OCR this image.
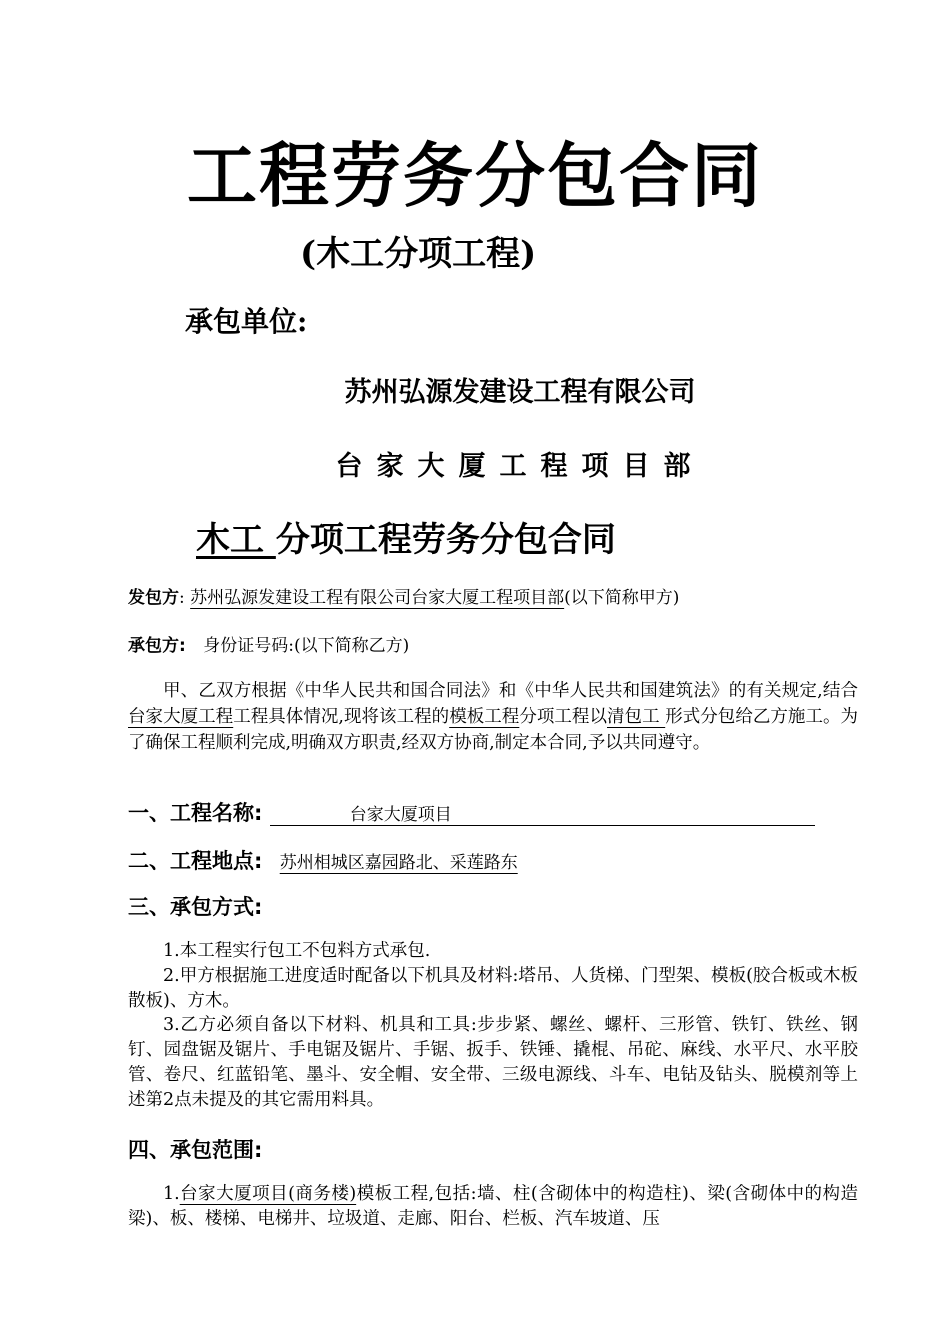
工程劳务分包合同
(木工分项工程)
承包单位:
苏州弘源发建设工程有限公司
台家大厦工程项目部
木工 分项工程劳务分包合同
发包方: 苏州弘源发建设工程有限公司台家大厦工程项目部(以下简称甲方)
承包方: 身份证号码:(以下简称乙方)
甲、乙双方根据《中华人民共和国合同法》和《中华人民共和国建筑法》的有关规定,结合台家大厦工程工程具体情况,现将该工程的模板工程分项工程以清包工 形式分包给乙方施工。为了确保工程顺利完成,明确双方职责,经双方协商,制定本合同,予以共同遵守。
一、工程名称:	台家大厦项目
二、工程地点: 苏州相城区嘉园路北、采莲路东
三、承包方式:
1.本工程实行包工不包料方式承包.
2.甲方根据施工进度适时配备以下机具及材料:塔吊、人货梯、门型架、模板(胶合板或木板散板)、方木。
3.乙方必须自备以下材料、机具和工具:步步紧、螺丝、螺杆、三形管、铁钉、铁丝、钢钉、园盘锯及锯片、手电锯及锯片、手锯、扳手、铁锤、撬棍、吊砣、麻线、水平尺、水平胶管、卷尺、红蓝铅笔、墨斗、安全帽、安全带、三级电源线、斗车、电钻及钻头、脱模剂等上述第2点未提及的其它需用料具。
四、承包范围:
1.台家大厦项目(商务楼)模板工程,包括:墙、柱(含砌体中的构造柱)、梁(含砌体中的构造梁)、板、楼梯、电梯井、垃圾道、走廊、阳台、栏板、汽车坡道、压
